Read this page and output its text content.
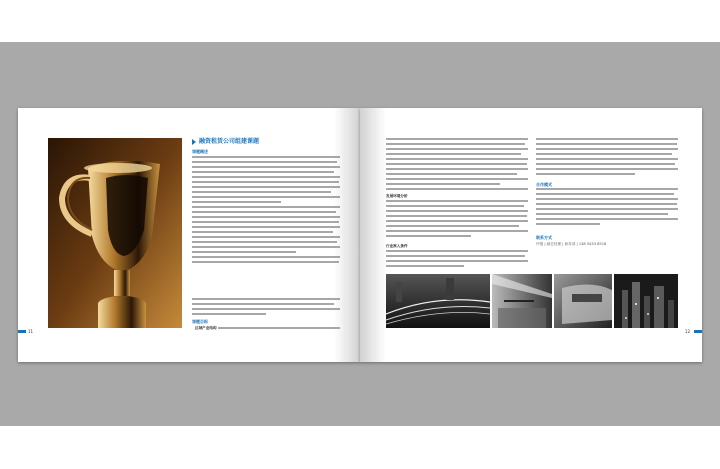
融资租赁公司组建课题
课题概述
课题目标
区域产业结构
11
发展环境分析
行业准入条件
合作模式
联系方式
许强 | 副总经理 | 商务部 | 138 5433 8518
12
